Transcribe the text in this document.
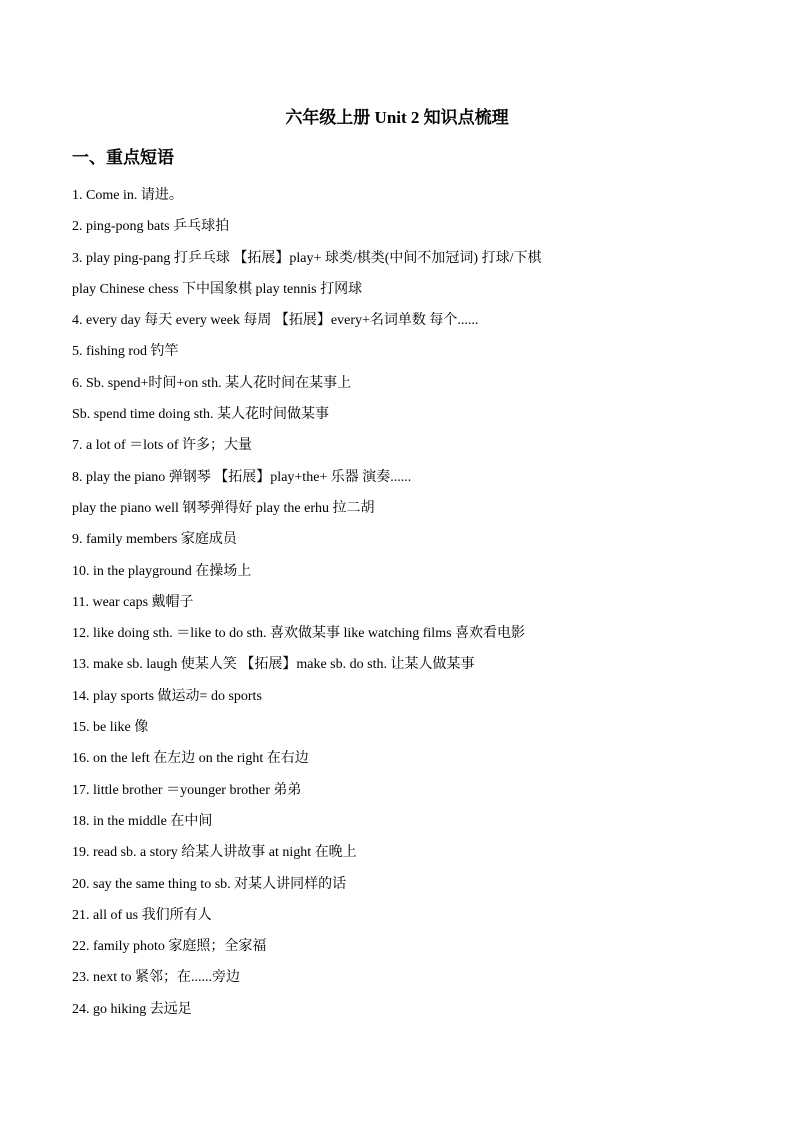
六年级上册 Unit 2 知识点梳理
一、重点短语
1. Come in. 请进。
2. ping-pong bats 乒乓球拍
3. play ping-pang 打乒乓球 【拓展】play+ 球类/棋类(中间不加冠词) 打球/下棋
play Chinese chess 下中国象棋 play tennis 打网球
4. every day 每天 every week 每周 【拓展】every+名词单数 每个......
5. fishing rod 钓竿
6. Sb. spend+时间+on sth. 某人花时间在某事上
Sb. spend time doing sth. 某人花时间做某事
7. a lot of ＝lots of 许多；大量
8. play the piano 弹钢琴 【拓展】play+the+ 乐器 演奏......
play the piano well 钢琴弹得好 play the erhu 拉二胡
9. family members 家庭成员
10. in the playground 在操场上
11. wear caps 戴帽子
12. like doing sth. ＝like to do sth. 喜欢做某事 like watching films 喜欢看电影
13. make sb. laugh 使某人笑 【拓展】make sb. do sth. 让某人做某事
14. play sports 做运动= do sports
15. be like 像
16. on the left 在左边 on the right 在右边
17. little brother ＝younger brother 弟弟
18. in the middle 在中间
19. read sb. a story 给某人讲故事 at night 在晚上
20. say the same thing to sb. 对某人讲同样的话
21. all of us 我们所有人
22. family photo 家庭照；全家福
23. next to 紧邻；在......旁边
24. go hiking 去远足
